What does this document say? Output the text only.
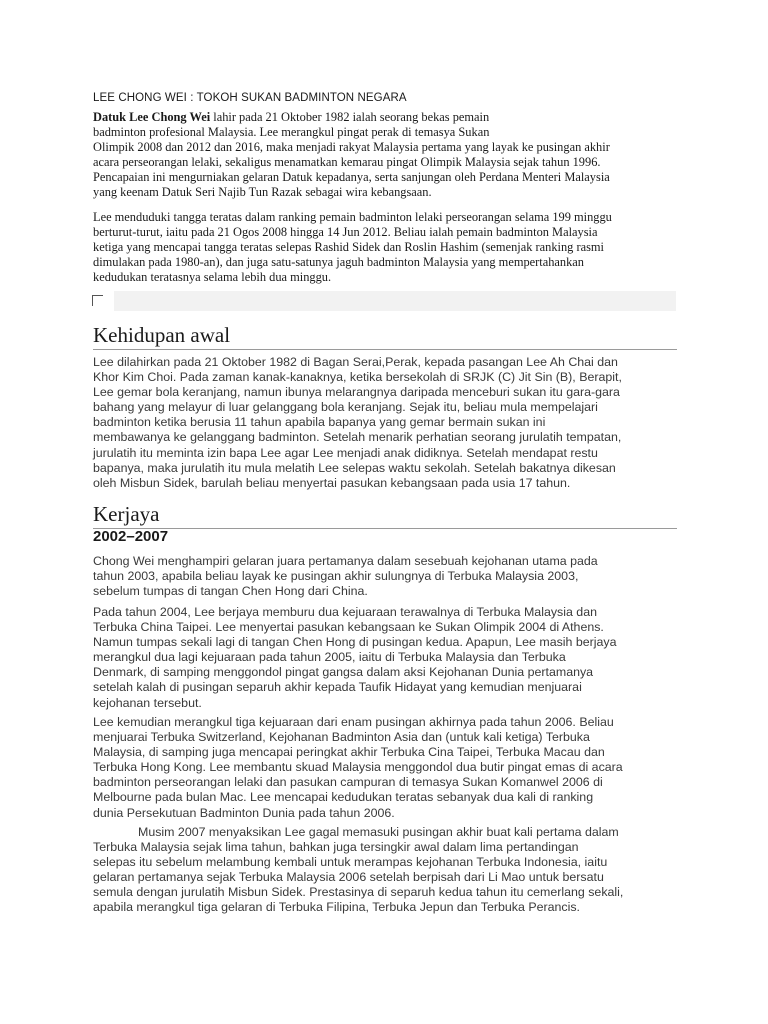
LEE CHONG WEI : TOKOH SUKAN BADMINTON NEGARA
Datuk Lee Chong Wei lahir pada 21 Oktober 1982 ialah seorang bekas pemain
badminton profesional Malaysia. Lee merangkul pingat perak di temasya Sukan
Olimpik 2008 dan 2012 dan 2016, maka menjadi rakyat Malaysia pertama yang layak ke pusingan akhir
acara perseorangan lelaki, sekaligus menamatkan kemarau pingat Olimpik Malaysia sejak tahun 1996.
Pencapaian ini mengurniakan gelaran Datuk kepadanya, serta sanjungan oleh Perdana Menteri Malaysia
yang keenam Datuk Seri Najib Tun Razak sebagai wira kebangsaan.
Lee menduduki tangga teratas dalam ranking pemain badminton lelaki perseorangan selama 199 minggu
berturut-turut, iaitu pada 21 Ogos 2008 hingga 14 Jun 2012. Beliau ialah pemain badminton Malaysia
ketiga yang mencapai tangga teratas selepas Rashid Sidek dan Roslin Hashim (semenjak ranking rasmi
dimulakan pada 1980-an), dan juga satu-satunya jaguh badminton Malaysia yang mempertahankan
kedudukan teratasnya selama lebih dua minggu.
Kehidupan awal
Lee dilahirkan pada 21 Oktober 1982 di Bagan Serai,Perak, kepada pasangan Lee Ah Chai dan
Khor Kim Choi. Pada zaman kanak-kanaknya, ketika bersekolah di SRJK (C) Jit Sin (B), Berapit,
Lee gemar bola keranjang, namun ibunya melarangnya daripada menceburi sukan itu gara-gara
bahang yang melayur di luar gelanggang bola keranjang. Sejak itu, beliau mula mempelajari
badminton ketika berusia 11 tahun apabila bapanya yang gemar bermain sukan ini
membawanya ke gelanggang badminton. Setelah menarik perhatian seorang jurulatih tempatan,
jurulatih itu meminta izin bapa Lee agar Lee menjadi anak didiknya. Setelah mendapat restu
bapanya, maka jurulatih itu mula melatih Lee selepas waktu sekolah. Setelah bakatnya dikesan
oleh Misbun Sidek, barulah beliau menyertai pasukan kebangsaan pada usia 17 tahun.
Kerjaya
2002–2007
Chong Wei menghampiri gelaran juara pertamanya dalam sesebuah kejohanan utama pada
tahun 2003, apabila beliau layak ke pusingan akhir sulungnya di Terbuka Malaysia 2003,
sebelum tumpas di tangan Chen Hong dari China.
Pada tahun 2004, Lee berjaya memburu dua kejuaraan terawalnya di Terbuka Malaysia dan
Terbuka China Taipei. Lee menyertai pasukan kebangsaan ke Sukan Olimpik 2004 di Athens.
Namun tumpas sekali lagi di tangan Chen Hong di pusingan kedua. Apapun, Lee masih berjaya
merangkul dua lagi kejuaraan pada tahun 2005, iaitu di Terbuka Malaysia dan Terbuka
Denmark, di samping menggondol pingat gangsa dalam aksi Kejohanan Dunia pertamanya
setelah kalah di pusingan separuh akhir kepada Taufik Hidayat yang kemudian menjuarai
kejohanan tersebut.
Lee kemudian merangkul tiga kejuaraan dari enam pusingan akhirnya pada tahun 2006. Beliau
menjuarai Terbuka Switzerland, Kejohanan Badminton Asia dan (untuk kali ketiga) Terbuka
Malaysia, di samping juga mencapai peringkat akhir Terbuka Cina Taipei, Terbuka Macau dan
Terbuka Hong Kong. Lee membantu skuad Malaysia menggondol dua butir pingat emas di acara
badminton perseorangan lelaki dan pasukan campuran di temasya Sukan Komanwel 2006 di
Melbourne pada bulan Mac. Lee mencapai kedudukan teratas sebanyak dua kali di ranking
dunia Persekutuan Badminton Dunia pada tahun 2006.
Musim 2007 menyaksikan Lee gagal memasuki pusingan akhir buat kali pertama dalam
Terbuka Malaysia sejak lima tahun, bahkan juga tersingkir awal dalam lima pertandingan
selepas itu sebelum melambung kembali untuk merampas kejohanan Terbuka Indonesia, iaitu
gelaran pertamanya sejak Terbuka Malaysia 2006 setelah berpisah dari Li Mao untuk bersatu
semula dengan jurulatih Misbun Sidek. Prestasinya di separuh kedua tahun itu cemerlang sekali,
apabila merangkul tiga gelaran di Terbuka Filipina, Terbuka Jepun dan Terbuka Perancis.
